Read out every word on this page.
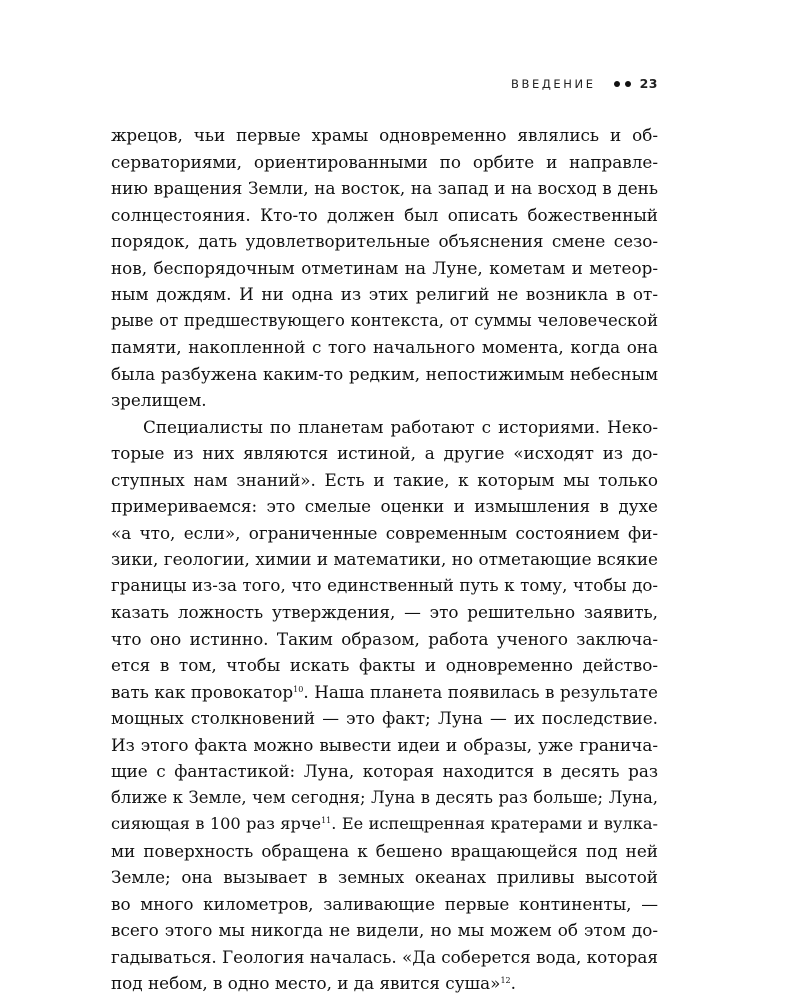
ВВЕДЕНИЕ	23
жрецов, чьи первые храмы одновременно являлись и об-
серваториями, ориентированными по орбите и направле-
нию вращения Земли, на восток, на запад и на восход в день
солнцестояния. Кто-то должен был описать божественный
порядок, дать удовлетворительные объяснения смене сезо-
нов, беспорядочным отметинам на Луне, кометам и метеор-
ным дождям. И ни одна из этих религий не возникла в от-
рыве от предшествующего контекста, от суммы человеческой
памяти, накопленной с того начального момента, когда она
была разбужена каким-то редким, непостижимым небесным
зрелищем.
Специалисты по планетам работают с историями. Неко-
торые из них являются истиной, а другие «исходят из до-
ступных нам знаний». Есть и такие, к которым мы только
примериваемся: это смелые оценки и измышления в духе
«а что, если», ограниченные современным состоянием фи-
зики, геологии, химии и математики, но отметающие всякие
границы из-за того, что единственный путь к тому, чтобы до-
казать ложность утверждения, — это решительно заявить,
что оно истинно. Таким образом, работа ученого заключа-
ется в том, чтобы искать факты и одновременно действо-
вать как провокатор$^{10}$. Наша планета появилась в результате
мощных столкновений — это факт; Луна — их последствие.
Из этого факта можно вывести идеи и образы, уже гранича-
щие с фантастикой: Луна, которая находится в десять раз
ближе к Земле, чем сегодня; Луна в десять раз больше; Луна,
сияющая в 100 раз ярче$^{11}$. Ее испещренная кратерами и вулка-
ми поверхность обращена к бешено вращающейся под ней
Земле; она вызывает в земных океанах приливы высотой
во много километров, заливающие первые континенты, —
всего этого мы никогда не видели, но мы можем об этом до-
гадываться. Геология началась. «Да соберется вода, которая
под небом, в одно место, и да явится суша»$^{12}$.
